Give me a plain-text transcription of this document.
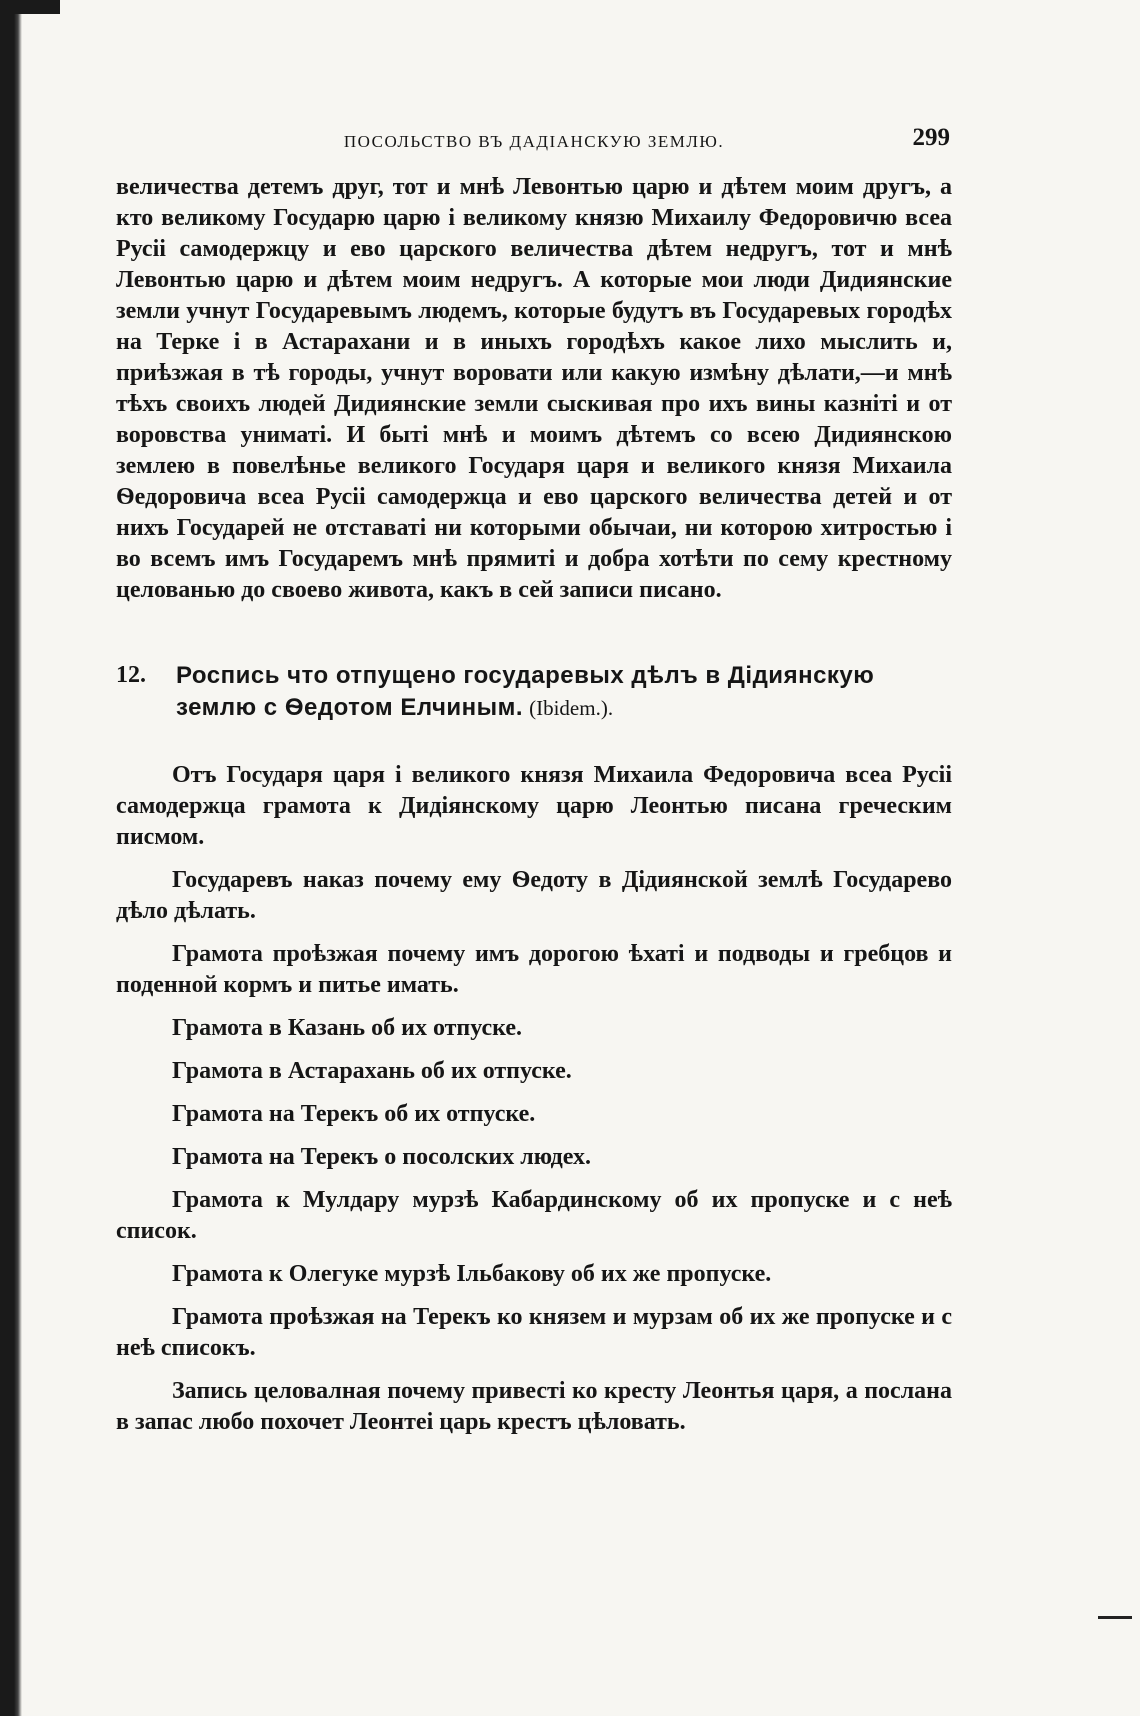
ПОСОЛЬСТВО ВЪ ДАДІАНСКУЮ ЗЕМЛЮ.	299

величества детемъ друг, тот и мнѣ Левонтью царю и дѣтем моим другъ, а кто великому Государю царю і великому князю Михаилу Федоровичю всеа Русіі самодержцу и ево царского величества дѣтем недругъ, тот и мнѣ Левонтью царю и дѣтем моим недругъ. А которые мои люди Дидиянские земли учнут Государевымъ людемъ, которые будутъ въ Государевых городѣх на Терке і в Астарахани и в иныхъ городѣхъ какое лихо мыслить и, приѣзжая в тѣ городы, учнут воровати или какую измѣну дѣлати,—и мнѣ тѣхъ своихъ людей Дидиянские земли сыскивая про ихъ вины казніті и от воровства униматі. И быті мнѣ и моимъ дѣтемъ со всею Дидиянскою землею в повелѣнье великого Государя царя и великого князя Михаила Ѳедоровича всеа Русіі самодержца и ево царского величества детей и от нихъ Государей не отставаті ни которыми обычаи, ни которою хитростью і во всемъ имъ Государемъ мнѣ прямиті и добра хотѣти по сему крестному целованью до своево живота, какъ в сей записи писано.

12.	Роспись что отпущено государевых дѣлъ в Дідиянскую землю с Ѳедотом Елчиным. (Ibidem.).

Отъ Государя царя і великого князя Михаила Федоровича всеа Русіі самодержца грамота к Дидіянскому царю Леонтью писана греческим писмом.

Государевъ наказ почему ему Ѳедоту в Дідиянской землѣ Государево дѣло дѣлать.

Грамота проѣзжая почему имъ дорогою ѣхаті и подводы и гребцов и поденной кормъ и питье имать.

Грамота в Казань об их отпуске.

Грамота в Астарахань об их отпуске.

Грамота на Терекъ об их отпуске.

Грамота на Терекъ о посолских людех.

Грамота к Мулдару мурзѣ Кабардинскому об их пропуске и с неѣ список.

Грамота к Олегуке мурзѣ Ільбакову об их же пропуске.

Грамота проѣзжая на Терекъ ко князем и мурзам об их же пропуске и с неѣ списокъ.

Запись целовалная почему привесті ко кресту Леонтья царя, а послана в запас любо похочет Леонтеі царь крестъ цѣловать.
